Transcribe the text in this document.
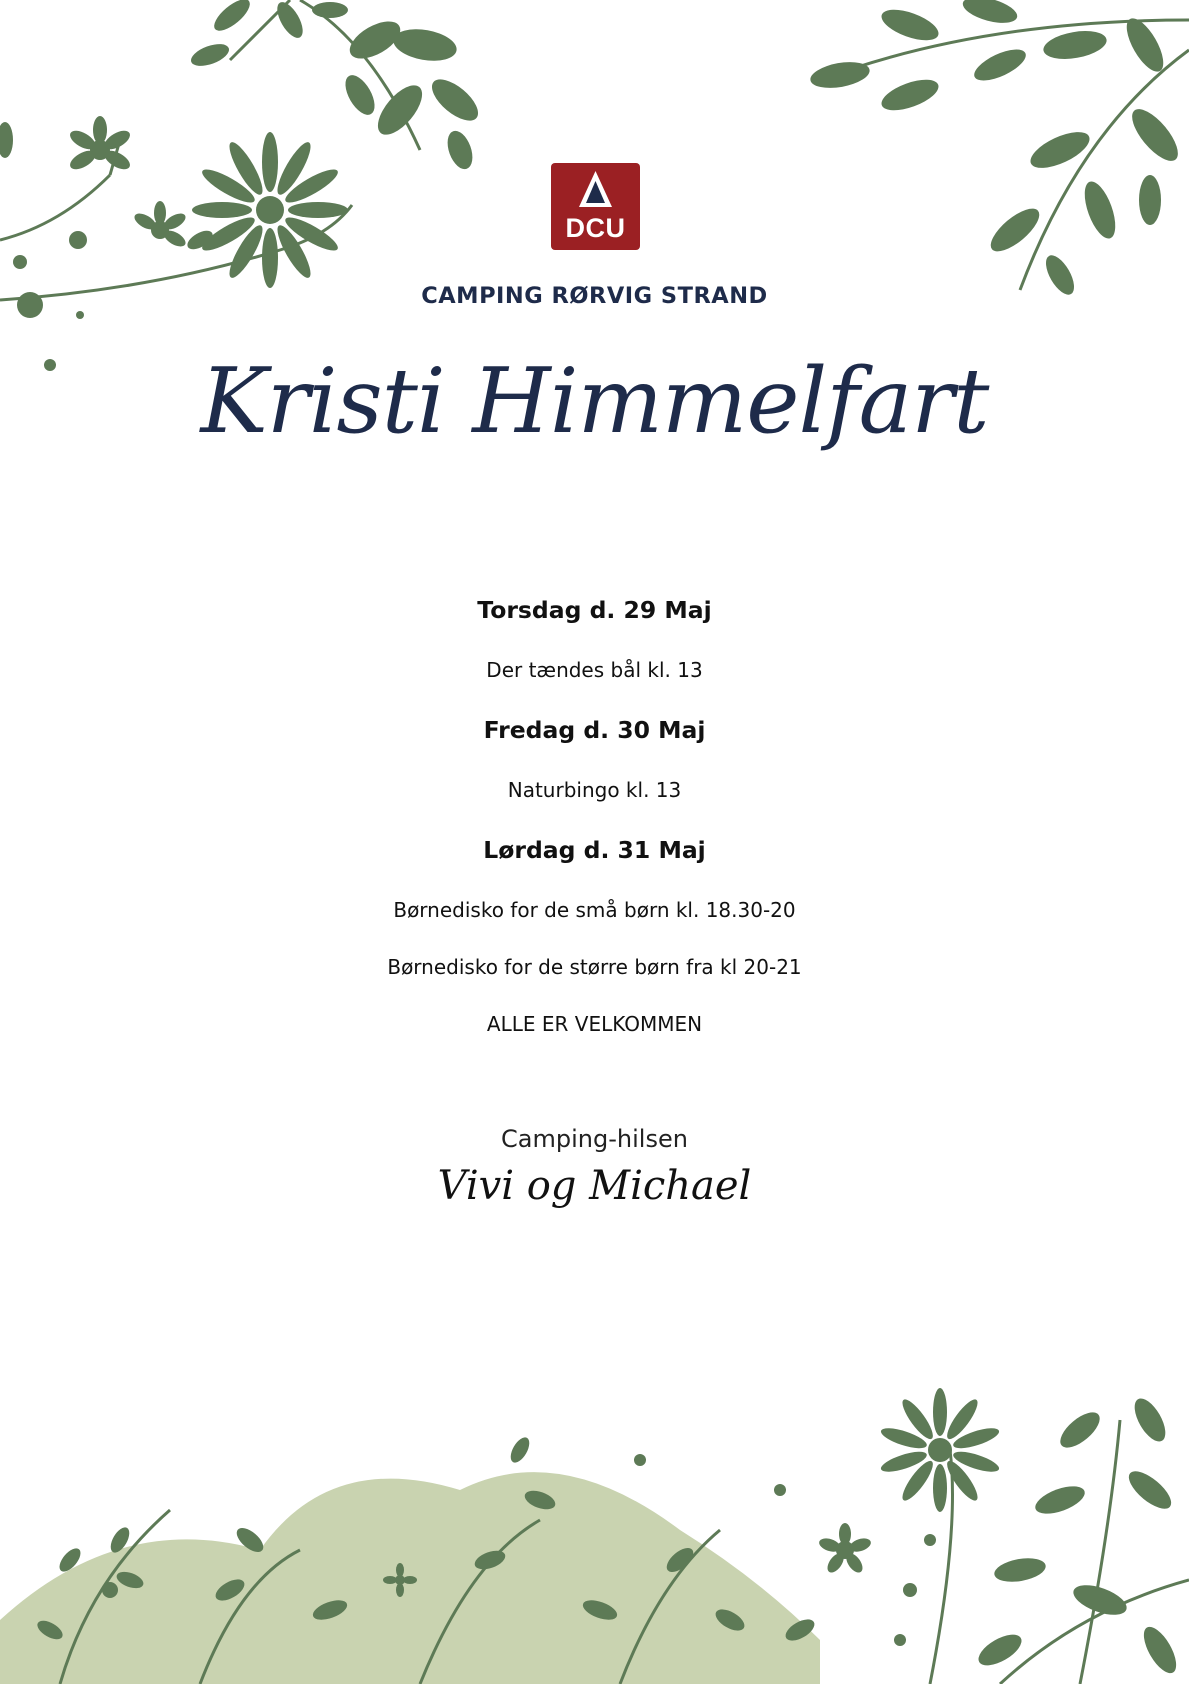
DCU
CAMPING RØRVIG STRAND
Kristi Himmelfart
Torsdag d. 29 Maj
Der tændes bål kl. 13
Fredag d. 30 Maj
Naturbingo kl. 13
Lørdag d. 31 Maj
Børnedisko for de små børn kl. 18.30-20
Børnedisko for de større børn fra kl 20-21
ALLE ER VELKOMMEN
Camping-hilsen
Vivi og Michael
